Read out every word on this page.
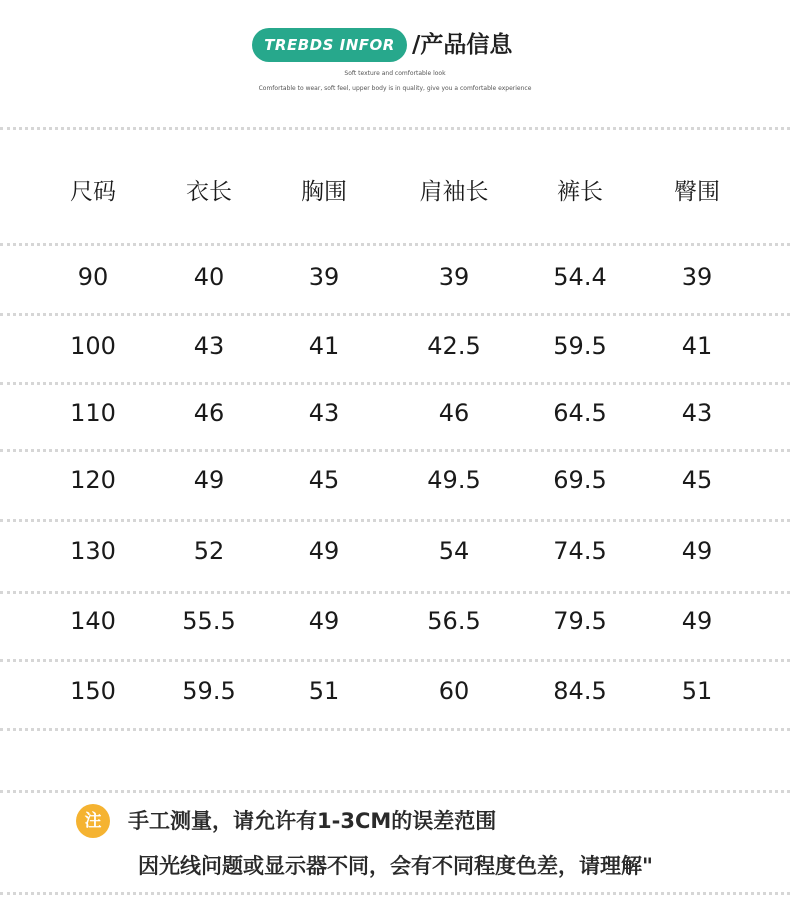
TREBDS INFOR /产品信息
Soft texture and comfortable look
Comfortable to wear, soft feel, upper body is in quality, give you a comfortable experience
尺码	衣长	胸围	肩袖长	裤长	臀围
90	40	39	39	54.4	39
100	43	41	42.5	59.5	41
110	46	43	46	64.5	43
120	49	45	49.5	69.5	45
130	52	49	54	74.5	49
140	55.5	49	56.5	79.5	49
150	59.5	51	60	84.5	51
注	手工测量，请允许有1-3CM的误差范围
因光线问题或显示器不同，会有不同程度色差，请理解"
